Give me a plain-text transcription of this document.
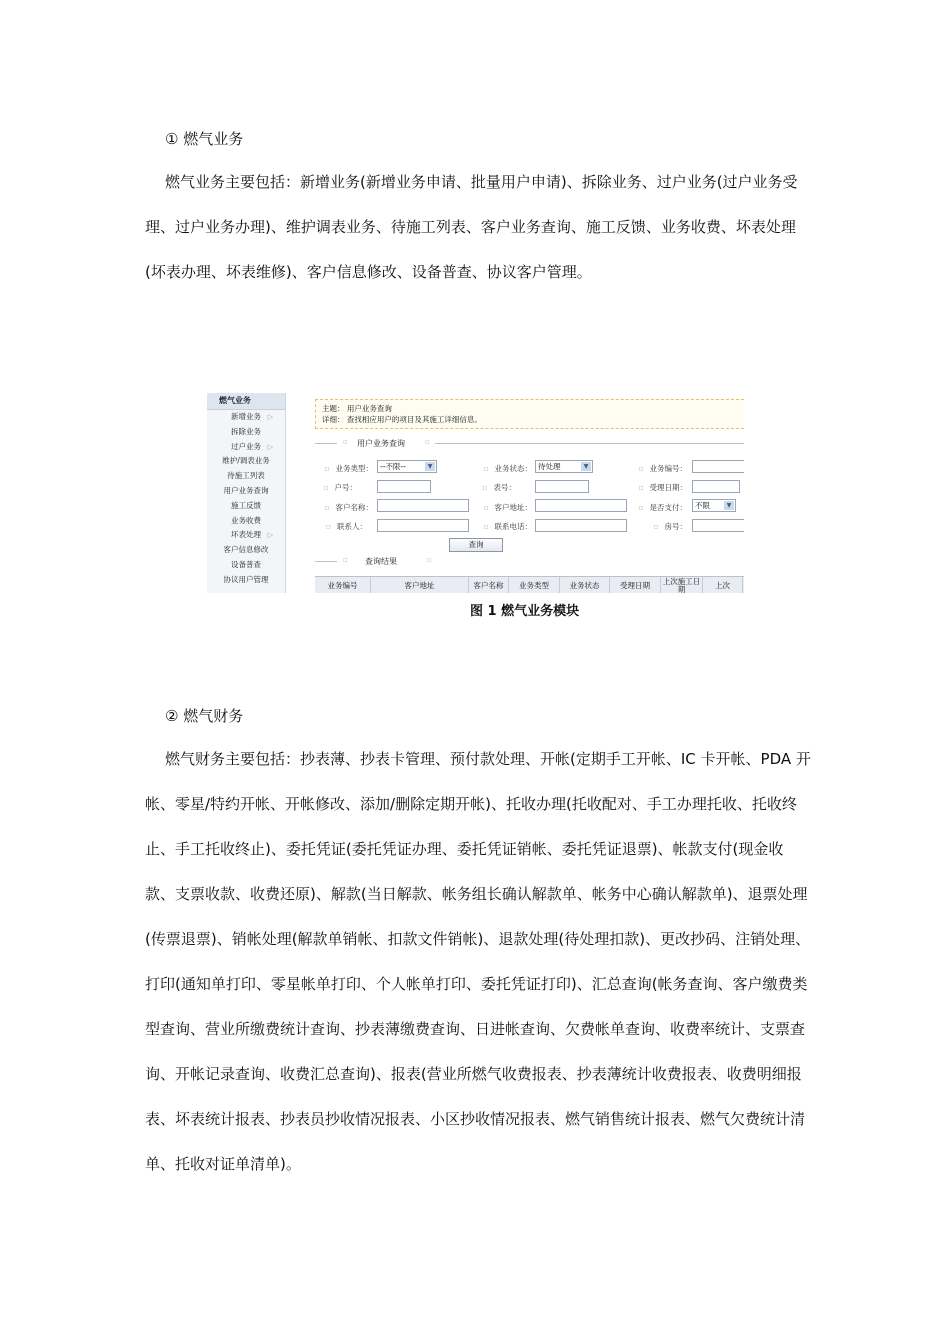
① 燃气业务

燃气业务主要包括：新增业务(新增业务申请、批量用户申请)、拆除业务、过户业务(过户业务受理、过户业务办理)、维护调表业务、待施工列表、客户业务查询、施工反馈、业务收费、坏表处理(坏表办理、坏表维修)、客户信息修改、设备普查、协议客户管理。

燃气业务
新增业务 ▷
拆除业务
过户业务 ▷
维护/调表业务
待施工列表
用户业务查询
施工反馈
业务收费
坏表处理 ▷
客户信息修改
设备普查
协议用户管理
主题： 用户业务查询
详细： 查找相应用户的项目及其施工详细信息。
▫ 用户业务查询	▫
▫ 业务类型： --不限--	▼	▫ 业务状态： 待处理	▼	▫ 业务编号：
▫ 户号：	▫ 表号：	▫ 受理日期：
▫ 客户名称：	▫ 客户地址：	▫ 是否支付：	不限	▼
▫ 联系人：	▫ 联系电话：	▫ 房号：
查询
▫ 查询结果	▫
业务编号	客户地址	客户名称	业务类型	业务状态	受理日期	上次施工日期	上次
图 1 燃气业务模块
② 燃气财务

燃气财务主要包括：抄表薄、抄表卡管理、预付款处理、开帐(定期手工开帐、IC 卡开帐、PDA 开帐、零星/特约开帐、开帐修改、添加/删除定期开帐)、托收办理(托收配对、手工办理托收、托收终止、手工托收终止)、委托凭证(委托凭证办理、委托凭证销帐、委托凭证退票)、帐款支付(现金收款、支票收款、收费还原)、解款(当日解款、帐务组长确认解款单、帐务中心确认解款单)、退票处理(传票退票)、销帐处理(解款单销帐、扣款文件销帐)、退款处理(待处理扣款)、更改抄码、注销处理、打印(通知单打印、零星帐单打印、个人帐单打印、委托凭证打印)、汇总查询(帐务查询、客户缴费类型查询、营业所缴费统计查询、抄表薄缴费查询、日进帐查询、欠费帐单查询、收费率统计、支票查询、开帐记录查询、收费汇总查询)、报表(营业所燃气收费报表、抄表薄统计收费报表、收费明细报表、坏表统计报表、抄表员抄收情况报表、小区抄收情况报表、燃气销售统计报表、燃气欠费统计清单、托收对证单清单)。
